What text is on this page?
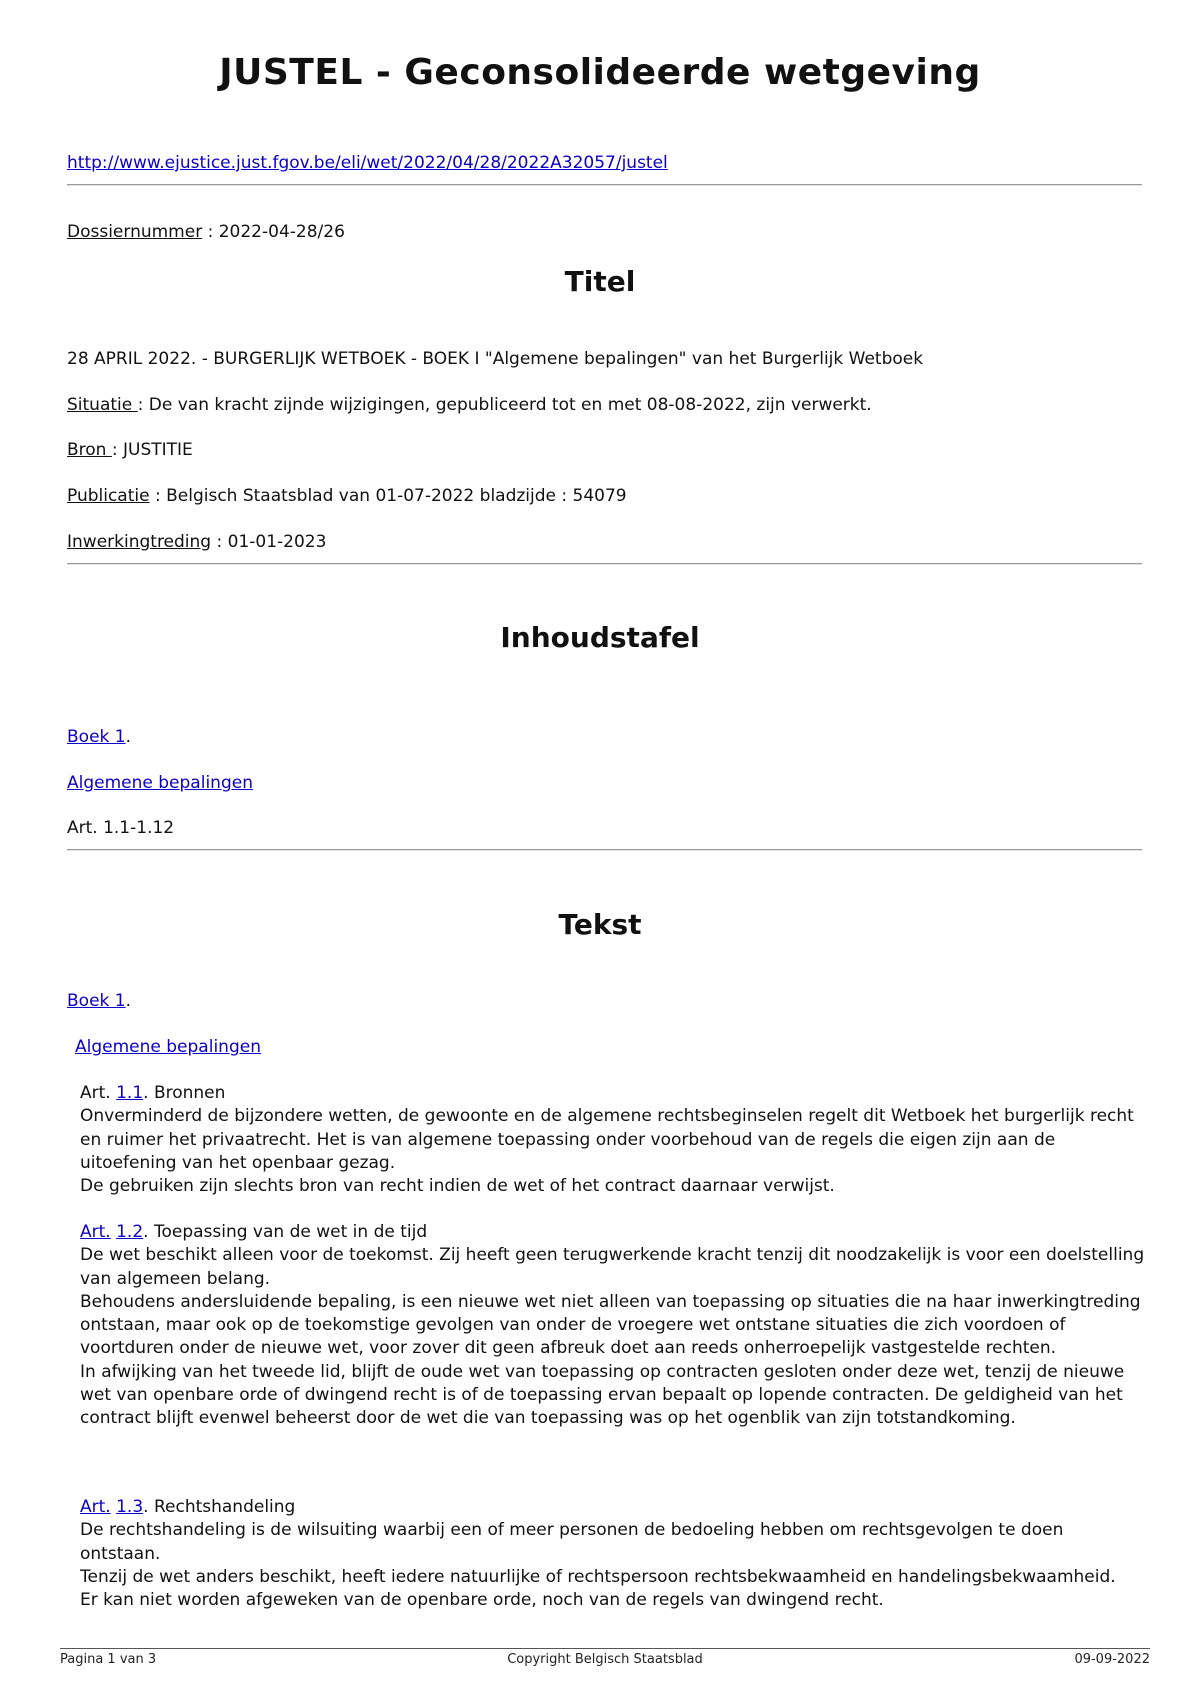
JUSTEL - Geconsolideerde wetgeving
http://www.ejustice.just.fgov.be/eli/wet/2022/04/28/2022A32057/justel
Dossiernummer : 2022-04-28/26
Titel
28 APRIL 2022. - BURGERLIJK WETBOEK - BOEK I "Algemene bepalingen" van het Burgerlijk Wetboek
Situatie : De van kracht zijnde wijzigingen, gepubliceerd tot en met 08-08-2022, zijn verwerkt.
Bron : JUSTITIE
Publicatie : Belgisch Staatsblad van 01-07-2022 bladzijde : 54079
Inwerkingtreding : 01-01-2023
Inhoudstafel
Boek 1.
Algemene bepalingen
Art. 1.1-1.12
Tekst
Boek 1.
Algemene bepalingen

Art. 1.1. Bronnen

Onverminderd de bijzondere wetten, de gewoonte en de algemene rechtsbeginselen regelt dit Wetboek het burgerlijk recht en ruimer het privaatrecht. Het is van algemene toepassing onder voorbehoud van de regels die eigen zijn aan de uitoefening van het openbaar gezag.

De gebruiken zijn slechts bron van recht indien de wet of het contract daarnaar verwijst.

Art. 1.2. Toepassing van de wet in de tijd

De wet beschikt alleen voor de toekomst. Zij heeft geen terugwerkende kracht tenzij dit noodzakelijk is voor een doelstelling van algemeen belang.

Behoudens andersluidende bepaling, is een nieuwe wet niet alleen van toepassing op situaties die na haar inwerkingtreding ontstaan, maar ook op de toekomstige gevolgen van onder de vroegere wet ontstane situaties die zich voordoen of voortduren onder de nieuwe wet, voor zover dit geen afbreuk doet aan reeds onherroepelijk vastgestelde rechten.

In afwijking van het tweede lid, blijft de oude wet van toepassing op contracten gesloten onder deze wet, tenzij de nieuwe wet van openbare orde of dwingend recht is of de toepassing ervan bepaalt op lopende contracten. De geldigheid van het contract blijft evenwel beheerst door de wet die van toepassing was op het ogenblik van zijn totstandkoming.

Art. 1.3. Rechtshandeling

De rechtshandeling is de wilsuiting waarbij een of meer personen de bedoeling hebben om rechtsgevolgen te doen ontstaan.

Tenzij de wet anders beschikt, heeft iedere natuurlijke of rechtspersoon rechtsbekwaamheid en handelingsbekwaamheid.

Er kan niet worden afgeweken van de openbare orde, noch van de regels van dwingend recht.

Pagina 1 van 3	Copyright Belgisch Staatsblad	09-09-2022
